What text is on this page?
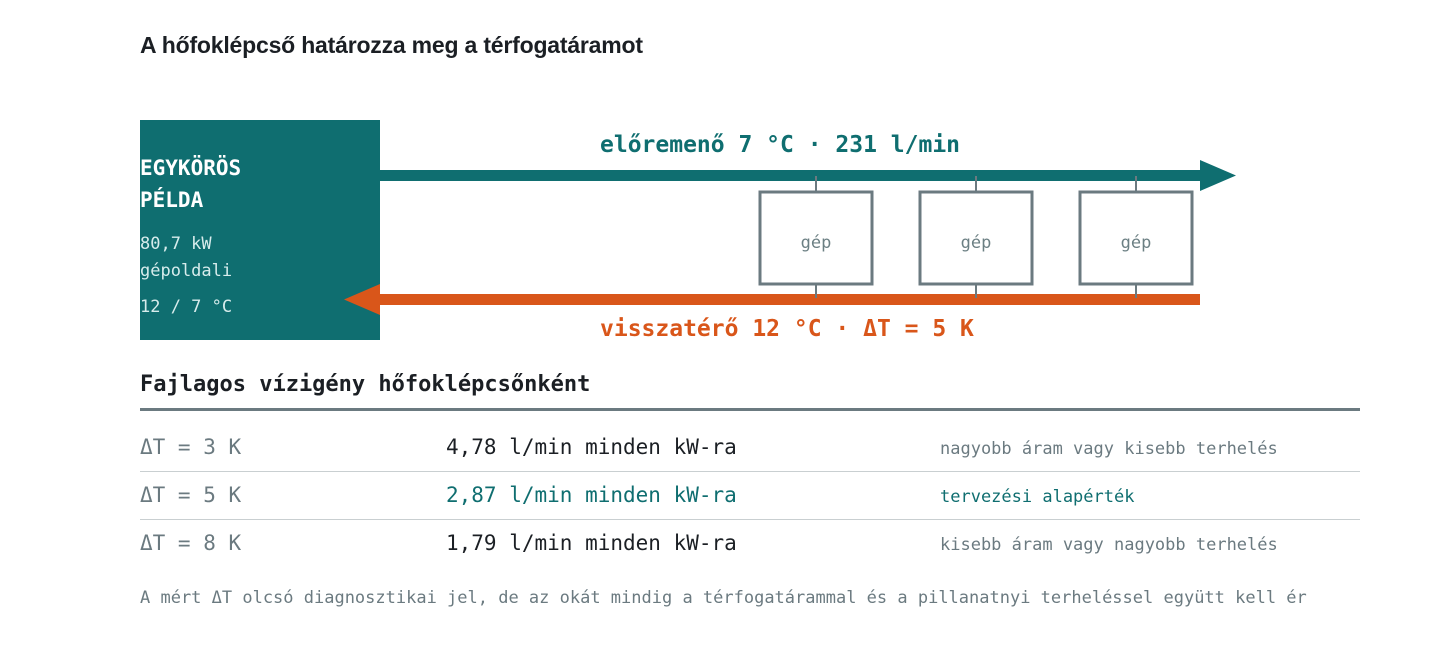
A hőfoklépcső határozza meg a térfogatáramot
EGYKÖRÖS
PÉLDA
80,7 kW
gépoldali
12 / 7 °C
gép	gép	gép
előremenő 7 °C · 231 l/min
visszatérő 12 °C · ΔT = 5 K
Fajlagos vízigény hőfoklépcsőnként
ΔT = 3 K	4,78 l/min minden kW-ra	nagyobb áram vagy kisebb terhelés
ΔT = 5 K	2,87 l/min minden kW-ra	tervezési alapérték
ΔT = 8 K	1,79 l/min minden kW-ra	kisebb áram vagy nagyobb terhelés
A mért ΔT olcsó diagnosztikai jel, de az okát mindig a térfogatárammal és a pillanatnyi terheléssel együtt kell ér
